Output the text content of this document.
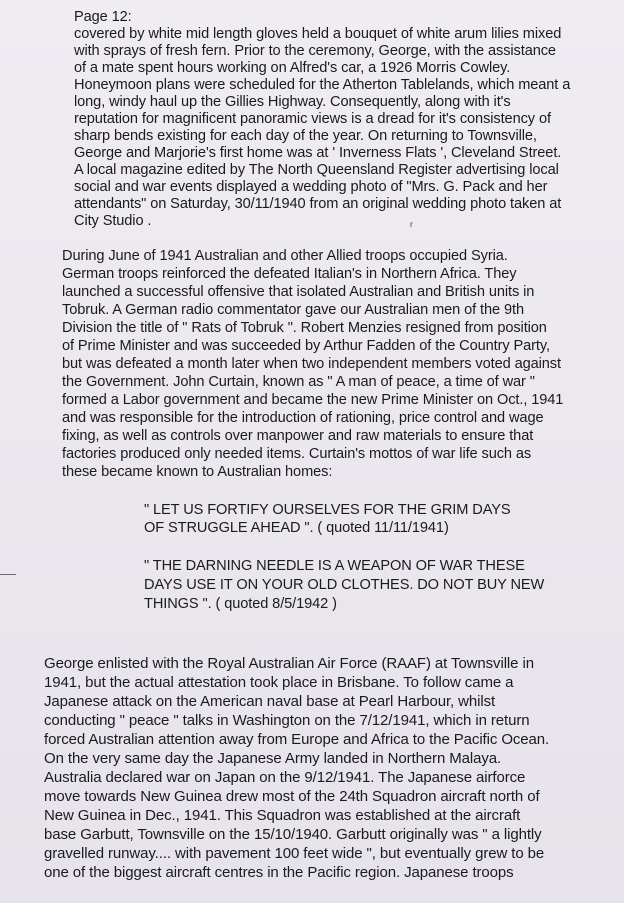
Page 12:
covered by white mid length gloves held a bouquet of white arum lilies mixed
with sprays of fresh fern. Prior to the ceremony, George, with the assistance
of a mate spent hours working on Alfred's car, a 1926 Morris Cowley.
Honeymoon plans were scheduled for the Atherton Tablelands, which meant a
long, windy haul up the Gillies Highway. Consequently, along with it's
reputation for magnificent panoramic views is a dread for it's consistency of
sharp bends existing for each day of the year. On returning to Townsville,
George and Marjorie's first home was at ' Inverness Flats ', Cleveland Street.
A local magazine edited by The North Queensland Register advertising local
social and war events displayed a wedding photo of "Mrs. G. Pack and her
attendants" on Saturday, 30/11/1940 from an original wedding photo taken at
City Studio .	ʳ
During June of 1941 Australian and other Allied troops occupied Syria.
German troops reinforced the defeated Italian's in Northern Africa. They
launched a successful offensive that isolated Australian and British units in
Tobruk. A German radio commentator gave our Australian men of the 9th
Division the title of " Rats of Tobruk ". Robert Menzies resigned from position
of Prime Minister and was succeeded by Arthur Fadden of the Country Party,
but was defeated a month later when two independent members voted against
the Government. John Curtain, known as " A man of peace, a time of war "
formed a Labor government and became the new Prime Minister on Oct., 1941
and was responsible for the introduction of rationing, price control and wage
fixing, as well as controls over manpower and raw materials to ensure that
factories produced only needed items. Curtain's mottos of war life such as
these became known to Australian homes:
" LET US FORTIFY OURSELVES FOR THE GRIM DAYS
OF STRUGGLE AHEAD ". ( quoted 11/11/1941)
" THE DARNING NEEDLE IS A WEAPON OF WAR THESE
DAYS USE IT ON YOUR OLD CLOTHES. DO NOT BUY NEW
THINGS ". ( quoted 8/5/1942 )
George enlisted with the Royal Australian Air Force (RAAF) at Townsville in
1941, but the actual attestation took place in Brisbane. To follow came a
Japanese attack on the American naval base at Pearl Harbour, whilst
conducting " peace " talks in Washington on the 7/12/1941, which in return
forced Australian attention away from Europe and Africa to the Pacific Ocean.
On the very same day the Japanese Army landed in Northern Malaya.
Australia declared war on Japan on the 9/12/1941. The Japanese airforce
move towards New Guinea drew most of the 24th Squadron aircraft north of
New Guinea in Dec., 1941. This Squadron was established at the aircraft
base Garbutt, Townsville on the 15/10/1940. Garbutt originally was " a lightly
gravelled runway.... with pavement 100 feet wide ", but eventually grew to be
one of the biggest aircraft centres in the Pacific region. Japanese troops
